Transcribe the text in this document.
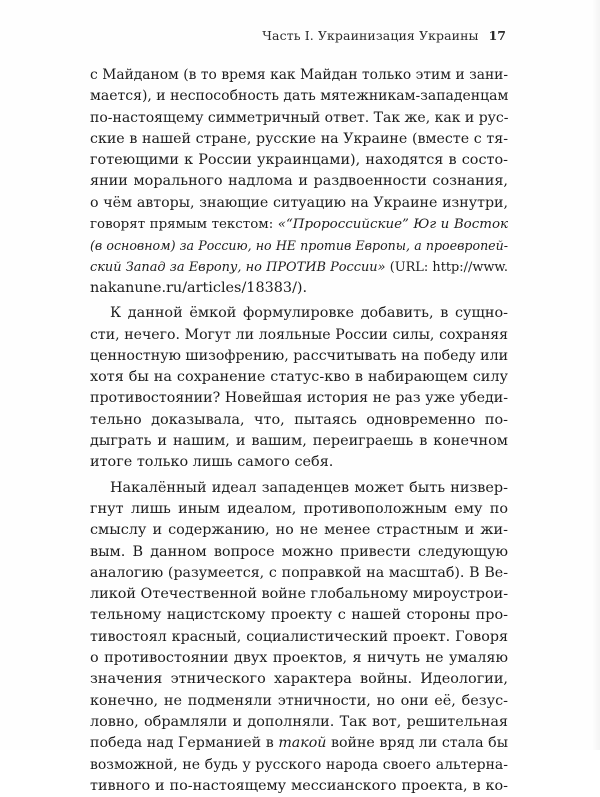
Часть I. Украинизация Украины 17
с Майданом (в то время как Майдан только этим и зани-
мается), и неспособность дать мятежникам-западенцам
по-настоящему симметричный ответ. Так же, как и рус-
ские в нашей стране, русские на Украине (вместе с тя-
готеющими к России украинцами), находятся в состо-
янии морального надлома и раздвоенности сознания,
о чём авторы, знающие ситуацию на Украине изнутри,
говорят прямым текстом: «“Пророссийские” Юг и Восток
(в основном) за Россию, но НЕ против Европы, а проевропей-
ский Запад за Европу, но ПРОТИВ России» (URL: http://www.
nakanune.ru/articles/18383/).
К данной ёмкой формулировке добавить, в сущно-
сти, нечего. Могут ли лояльные России силы, сохраняя
ценностную шизофрению, рассчитывать на победу или
хотя бы на сохранение статус-кво в набирающем силу
противостоянии? Новейшая история не раз уже убеди-
тельно доказывала, что, пытаясь одновременно по-
дыграть и нашим, и вашим, переиграешь в конечном
итоге только лишь самого себя.
Накалённый идеал западенцев может быть низвер-
гнут лишь иным идеалом, противоположным ему по
смыслу и содержанию, но не менее страстным и жи-
вым. В данном вопросе можно привести следующую
аналогию (разумеется, с поправкой на масштаб). В Ве-
ликой Отечественной войне глобальному мироустрои-
тельному нацистскому проекту с нашей стороны про-
тивостоял красный, социалистический проект. Говоря
о противостоянии двух проектов, я ничуть не умаляю
значения этнического характера войны. Идеологии,
конечно, не подменяли этничности, но они её, безус-
ловно, обрамляли и дополняли. Так вот, решительная
победа над Германией в такой войне вряд ли стала бы
возможной, не будь у русского народа своего альтерна-
тивного и по-настоящему мессианского проекта, в ко-
